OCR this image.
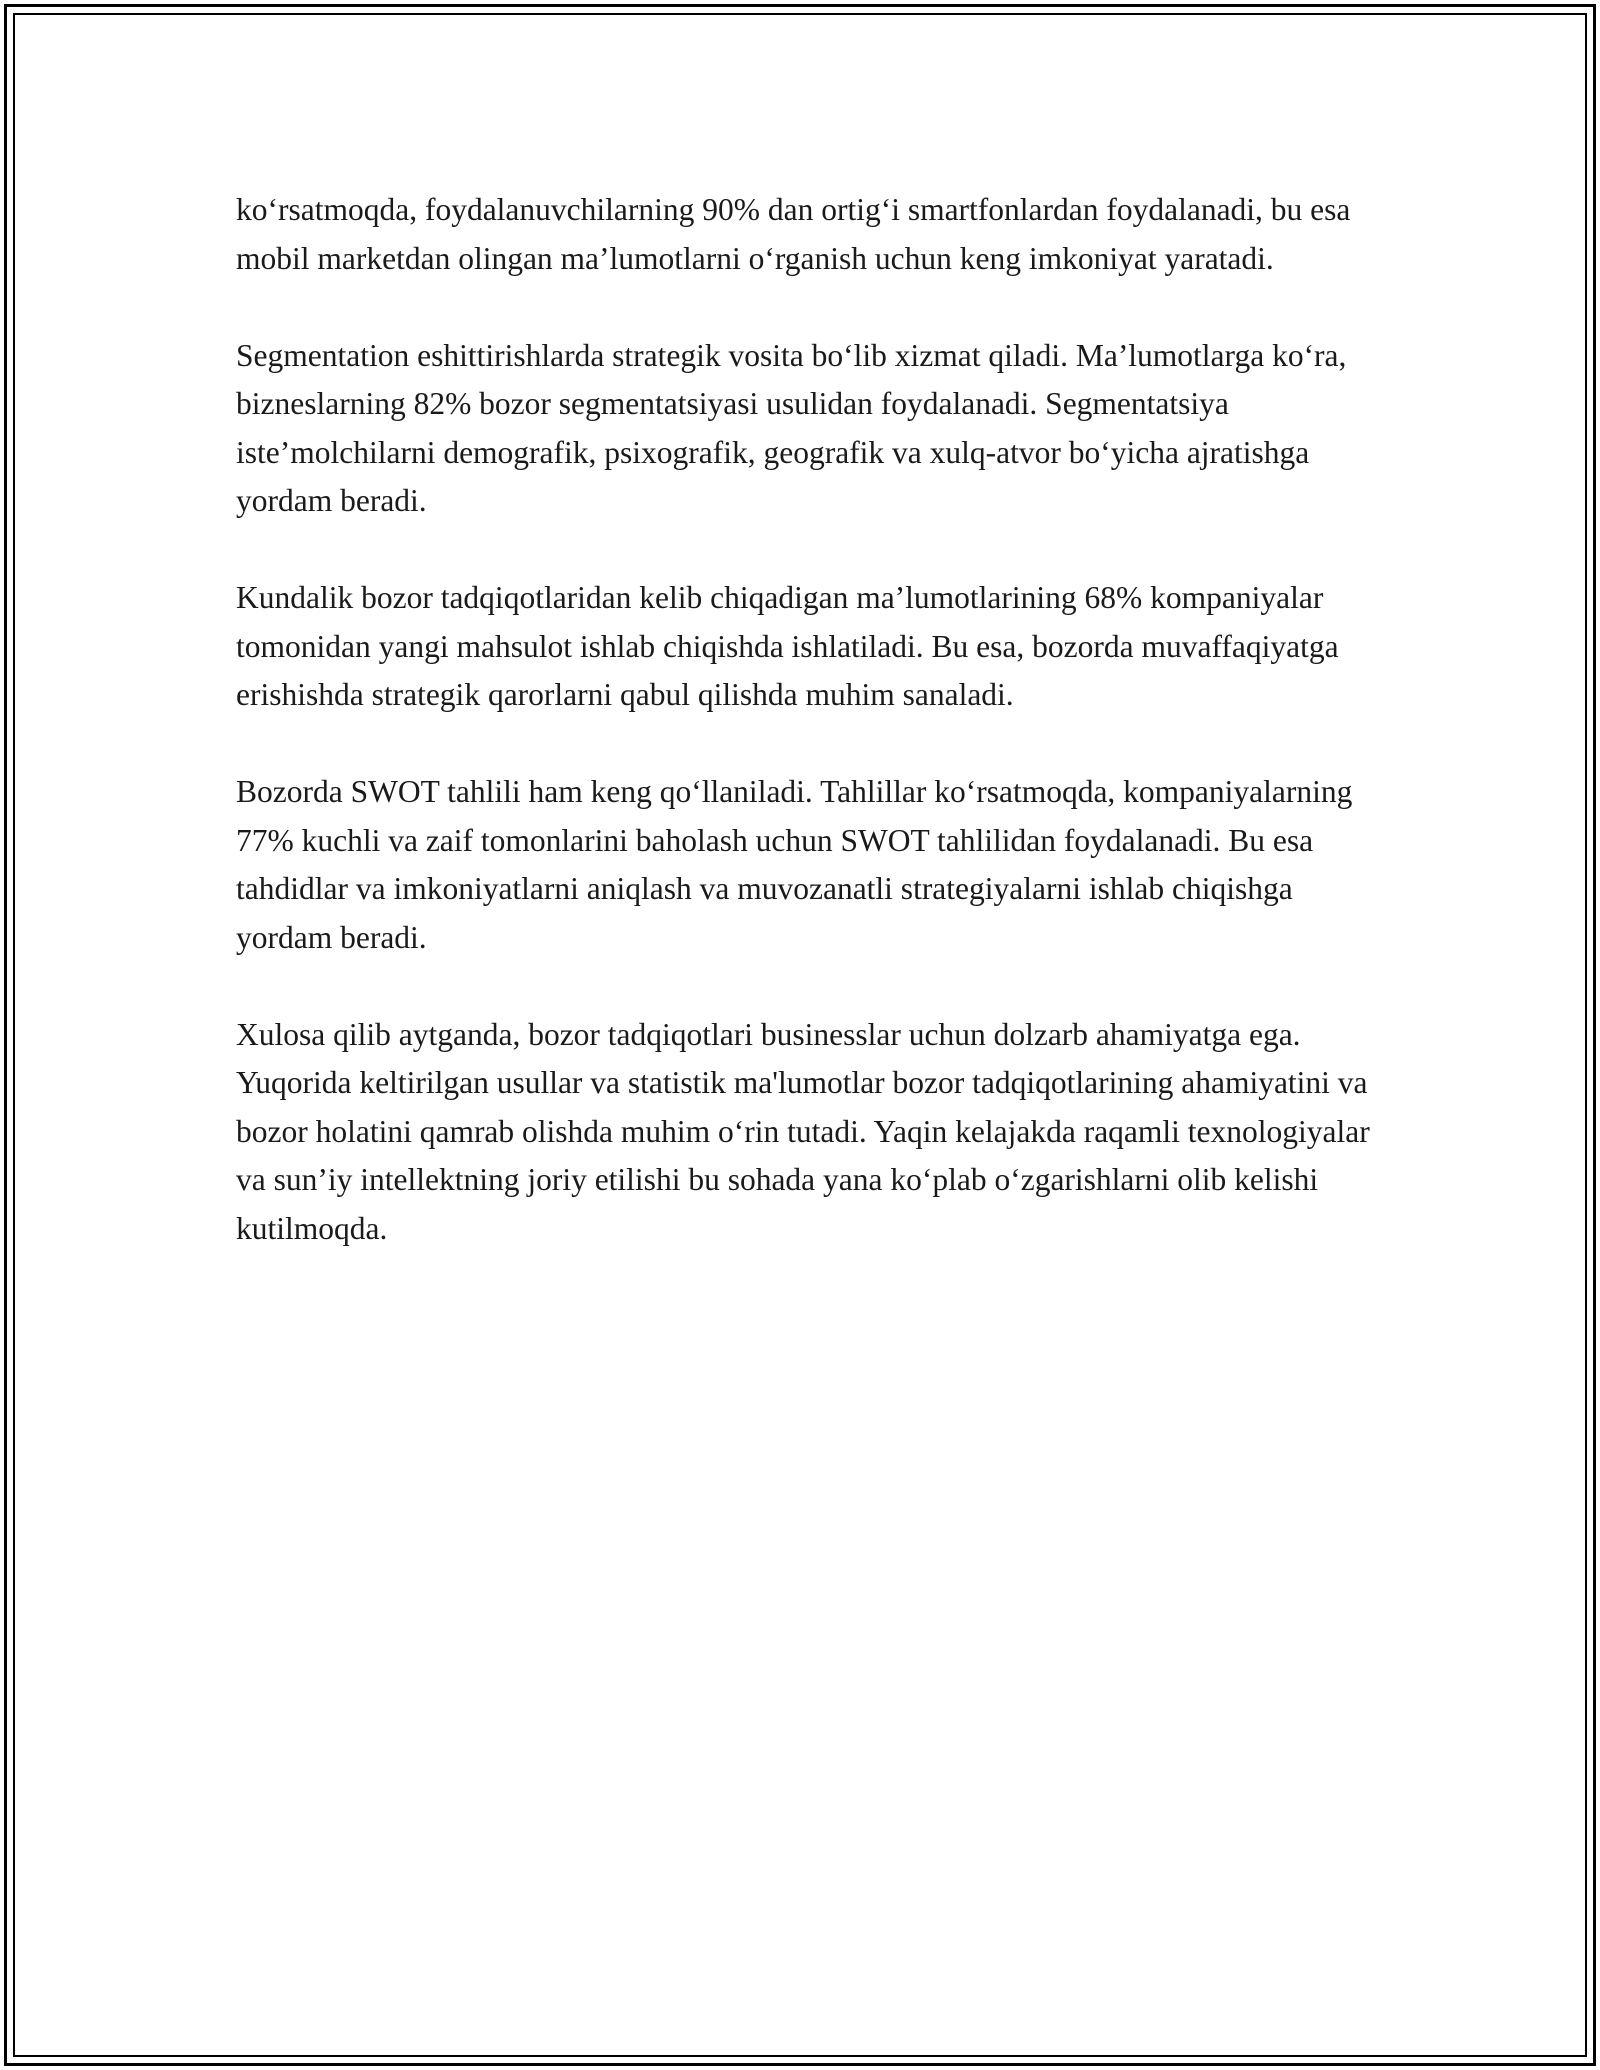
ko‘rsatmoqda, foydalanuvchilarning 90% dan ortig‘i smartfonlardan foydalanadi, bu esa mobil marketdan olingan ma’lumotlarni o‘rganish uchun keng imkoniyat yaratadi.

Segmentation eshittirishlarda strategik vosita bo‘lib xizmat qiladi. Ma’lumotlarga ko‘ra, bizneslarning 82% bozor segmentatsiyasi usulidan foydalanadi. Segmentatsiya iste’molchilarni demografik, psixografik, geografik va xulq-atvor bo‘yicha ajratishga yordam beradi.

Kundalik bozor tadqiqotlaridan kelib chiqadigan ma’lumotlarining 68% kompaniyalar tomonidan yangi mahsulot ishlab chiqishda ishlatiladi. Bu esa, bozorda muvaffaqiyatga erishishda strategik qarorlarni qabul qilishda muhim sanaladi.

Bozorda SWOT tahlili ham keng qo‘llaniladi. Tahlillar ko‘rsatmoqda, kompaniyalarning 77% kuchli va zaif tomonlarini baholash uchun SWOT tahlilidan foydalanadi. Bu esa tahdidlar va imkoniyatlarni aniqlash va muvozanatli strategiyalarni ishlab chiqishga yordam beradi.

Xulosa qilib aytganda, bozor tadqiqotlari businesslar uchun dolzarb ahamiyatga ega. Yuqorida keltirilgan usullar va statistik ma'lumotlar bozor tadqiqotlarining ahamiyatini va bozor holatini qamrab olishda muhim o‘rin tutadi. Yaqin kelajakda raqamli texnologiyalar va sun’iy intellektning joriy etilishi bu sohada yana ko‘plab o‘zgarishlarni olib kelishi kutilmoqda.
